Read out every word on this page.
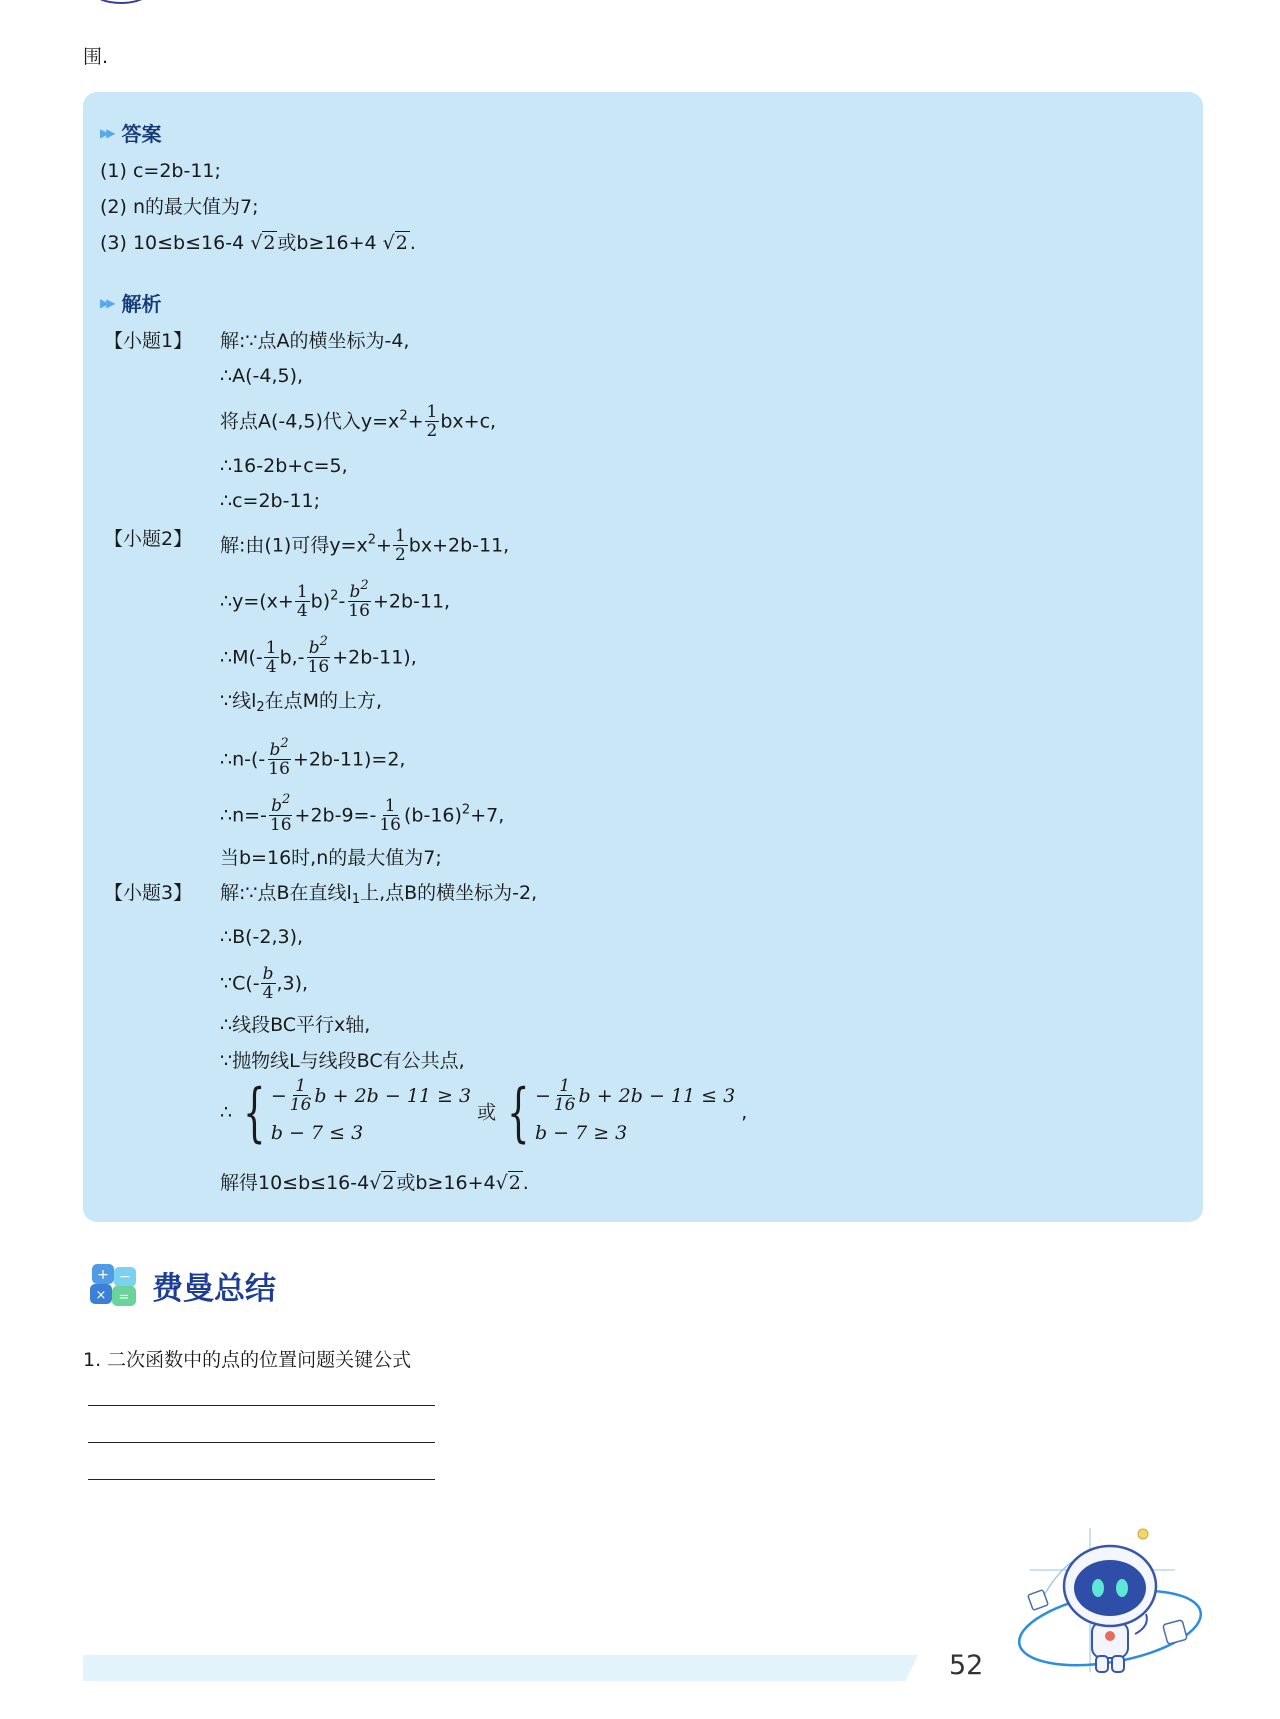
围.
▶▶ 答案
(1) c=2b-11;
(2) n的最大值为7;
(3) 10≤b≤16-4 √2 或b≥16+4 √2 .
▶▶ 解析
【小题1】 解:∵点A的横坐标为-4,
∴A(-4,5),
将点A(-4,5)代入$y=x^2+ \frac{1}{2} bx+c$,
∴16-2b+c=5,
∴c=2b-11;
【小题2】 解:由(1)可得$y=x^2+ \frac{1}{2} bx+2b-11$,
∴y=(x+ $\frac{1}{4} b)^2- \frac{b^2}{16} +2b-11$,
∴M(- $\frac{1}{4} b,- \frac{b^2}{16} +2b-11$),
∵线$l_2$在点M的上方,
∴n-(- $\frac{b^2}{16} +2b-11)=2$,
∴n=- $\frac{b^2}{16} +2b-9=- \frac{1}{16} (b-16)^2+7$,
当b=16时,n的最大值为7;
【小题3】 解:∵点B在直线$l_1$上,点B的横坐标为-2,
∴B(-2,3),
∵C(- $\frac{b}{4} ,3$),
∴线段BC平行x轴,
∵抛物线L与线段BC有公共点,
∴ { − $\frac{1}{16}$ b + 2b − 11 ≥ 3
b − 7 ≤ 3
或 { − $\frac{1}{16}$ b + 2b − 11 ≤ 3
b − 7 ≥ 3
,
解得10≤b≤16-4√2 或b≥16+4√2 .
+ −
× = 费曼总结
1. 二次函数中的点的位置问题关键公式
52
